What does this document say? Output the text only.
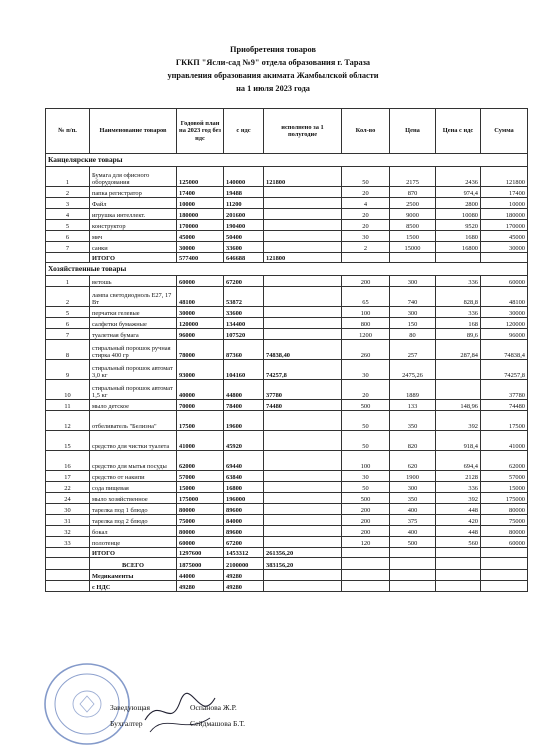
Приобретения товаров
ГККП "Ясли-сад №9" отдела образования г. Тараза
управления образования акимата Жамбылской области
на 1 июля 2023 года
№ п/п.	Наименование товаров	Годовой план на 2023 год без ндс	с ндс	исполнено за 1 полугодие	Кол-во	Цена	Цена с ндс	Сумма
Канцелярские товары								
1	Бумага для офисного оборудования	125000	140000	121800	50	2175	2436	121800
2	папка регистратор	17400	19488		20	870	974,4	17400
3	Файл	10000	11200		4	2500	2800	10000
4	игрушка интеллект.	180000	201600		20	9000	10080	180000
5	конструктор	170000	190400		20	8500	9520	170000
6	мяч	45000	50400		30	1500	1680	45000
7	санки	30000	33600		2	15000	16800	30000
	ИТОГО	577400	646688	121800				
Хозяйственные товары								
1	ветошь	60000	67200		200	300	336	60000
2	лампа светодиодноль E27, 17 Вт	48100	53872		65	740	828,8	48100
5	перчатки гелевые	30000	33600		100	300	336	30000
6	салфетки бумажные	120000	134400		800	150	168	120000
7	туалетная бумага	96000	107520		1200	80	89,6	96000
8	стиральный порошок ручная стирка 400 гр	78000	87360	74838,40	260	257	287,84	74838,4
9	стиральный порошок автомат 3,0 кг	93000	104160	74257,8	30	2475,26		74257,8
10	стиральный порошок автомат 1,5 кг	40000	44800	37780	20	1889		37780
11	мыло детское	70000	78400	74480	500	133	148,96	74480
12	отбеливатель "Белизна"	17500	19600		50	350	392	17500
15	средство для чистки туалета	41000	45920		50	820	918,4	41000
16	средство для мытья посуды	62000	69440		100	620	694,4	62000
17	средство от накипи	57000	63840		30	1900	2128	57000
22	сода пищевая	15000	16800		50	300	336	15000
24	мыло хозяйственное	175000	196000		500	350	392	175000
30	тарелка под 1 блюдо	80000	89600		200	400	448	80000
31	тарелка под 2 блюдо	75000	84000		200	375	420	75000
32	бокал	80000	89600		200	400	448	80000
33	полотенце	60000	67200		120	500	560	60000
	ИТОГО	1297600	1453312	261356,20				
	ВСЕГО	1875000	2100000	383156,20				
	Медикаменты	44000	49280					
	с НДС	49280	49280					
Заведующая	Оспанова Ж.Р.
Бухгалтер	Сейдмашова Б.Т.
